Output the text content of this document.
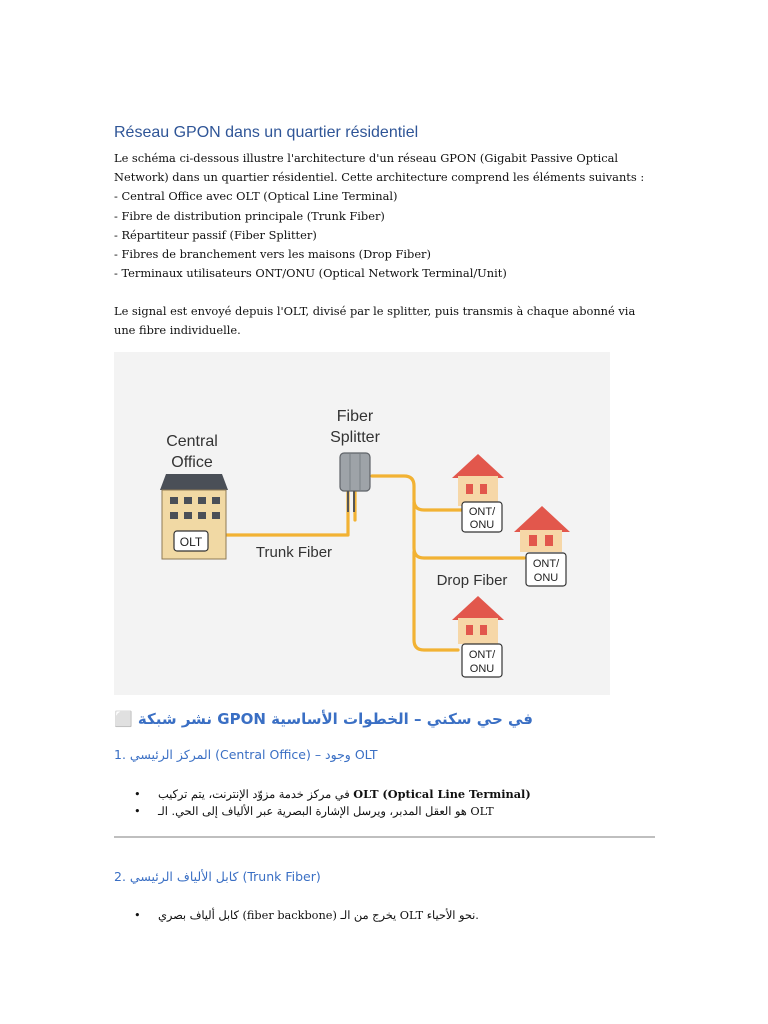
Réseau GPON dans un quartier résidentiel
Le schéma ci-dessous illustre l'architecture d'un réseau GPON (Gigabit Passive Optical
Network) dans un quartier résidentiel. Cette architecture comprend les éléments suivants :
- Central Office avec OLT (Optical Line Terminal)
- Fibre de distribution principale (Trunk Fiber)
- Répartiteur passif (Fiber Splitter)
- Fibres de branchement vers les maisons (Drop Fiber)
- Terminaux utilisateurs ONT/ONU (Optical Network Terminal/Unit)
Le signal est envoyé depuis l'OLT, divisé par le splitter, puis transmis à chaque abonné via
une fibre individuelle.
OLT
Central
Office
Trunk Fiber
Fiber
Splitter
Drop Fiber
ONT/
ONU
ONT/
ONU
ONT/
ONU
⬜ نشر شبكة GPON في حي سكني – الخطوات الأساسية
1. المركز الرئيسي (Central Office) – وجود OLT
• في مركز خدمة مزوّد الإنترنت، يتم تركيب OLT (Optical Line Terminal)
• هو العقل المدبر، ويرسل الإشارة البصرية عبر الألياف إلى الحي. الـ OLT
2. كابل الألياف الرئيسي (Trunk Fiber)
• كابل ألياف بصري (fiber backbone) يخرج من الـ OLT نحو الأحياء.
